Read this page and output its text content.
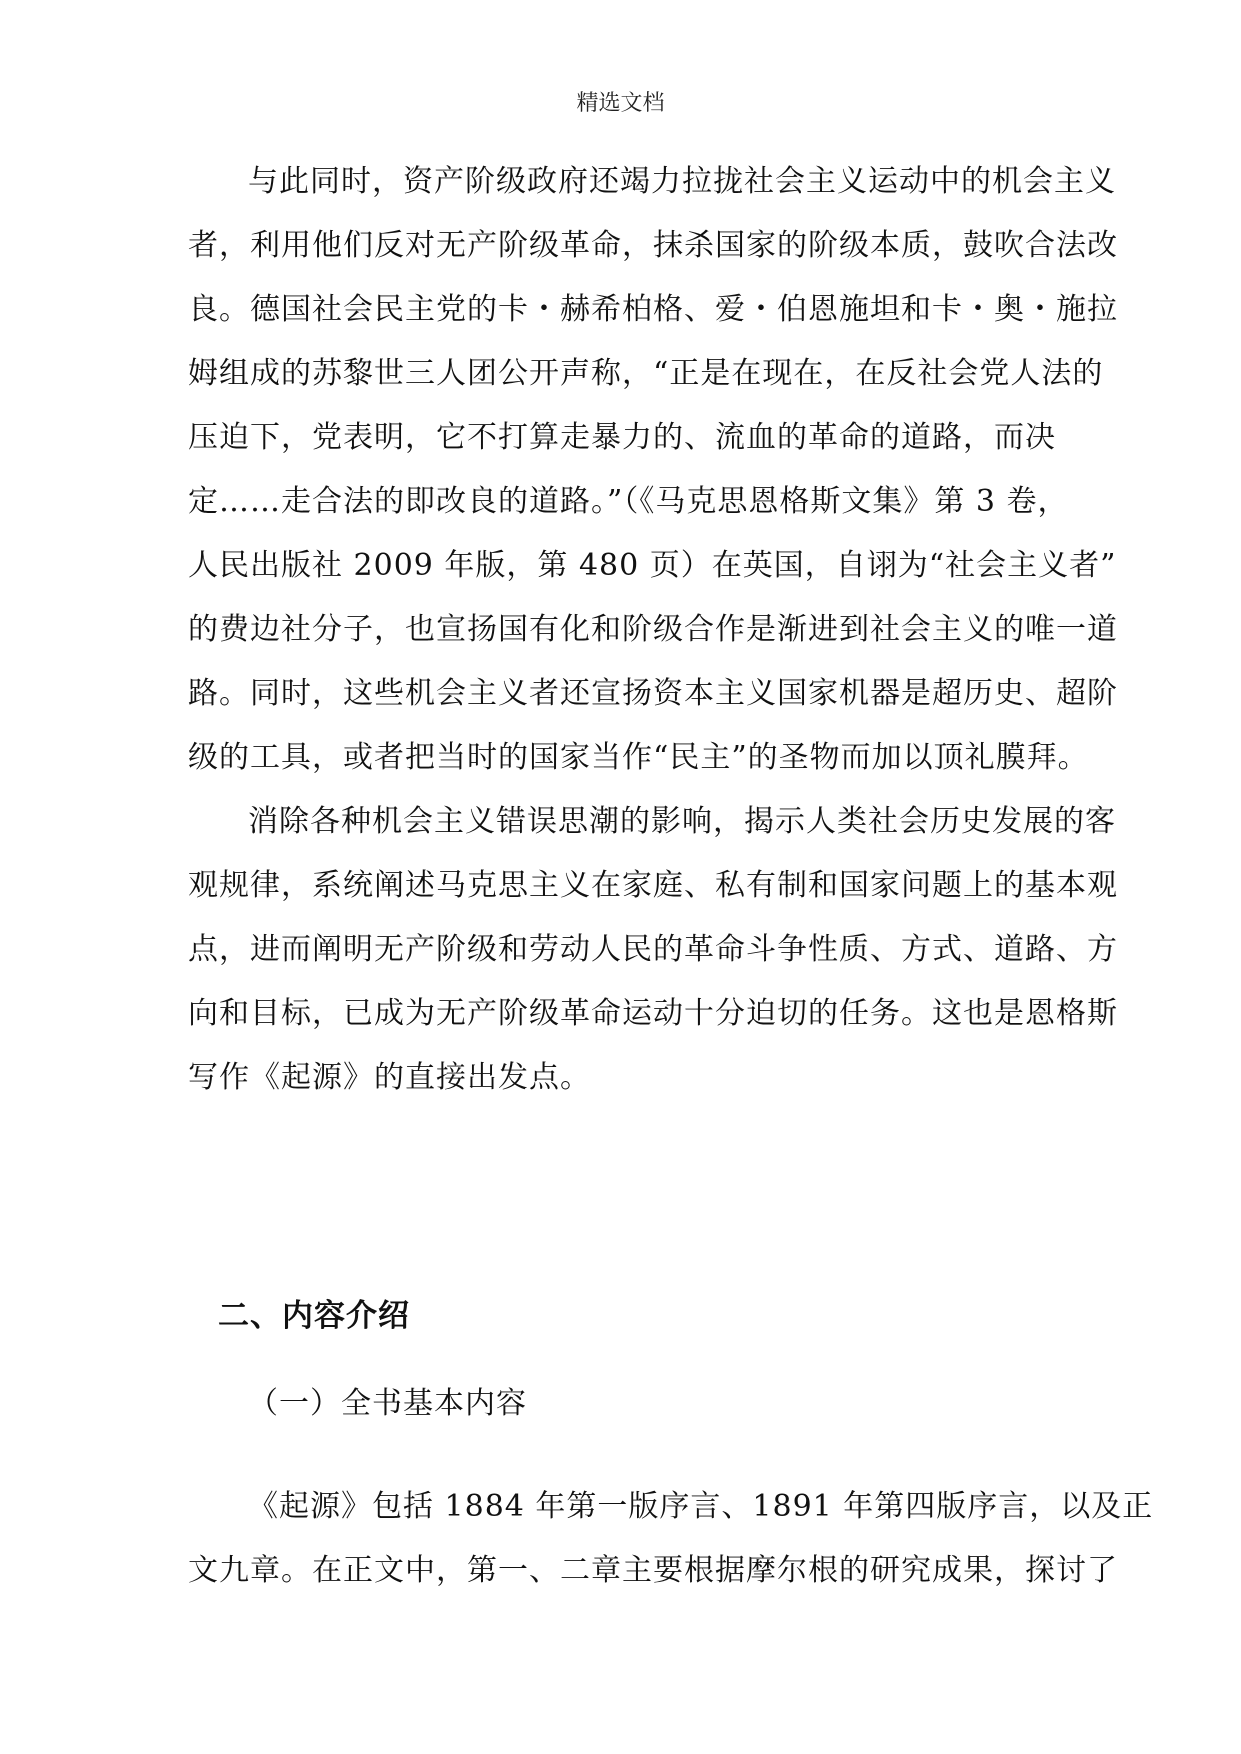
精选文档
与此同时，资产阶级政府还竭力拉拢社会主义运动中的机会主义
者，利用他们反对无产阶级革命，抹杀国家的阶级本质，鼓吹合法改
良。德国社会民主党的卡・赫希柏格、爱・伯恩施坦和卡・奥・施拉
姆组成的苏黎世三人团公开声称，“正是在现在，在反社会党人法的
压迫下，党表明，它不打算走暴力的、流血的革命的道路，而决
定……走合法的即改良的道路。”（《马克思恩格斯文集》第 3 卷，
人民出版社 2009 年版，第 480 页）在英国，自诩为“社会主义者”
的费边社分子，也宣扬国有化和阶级合作是渐进到社会主义的唯一道
路。同时，这些机会主义者还宣扬资本主义国家机器是超历史、超阶
级的工具，或者把当时的国家当作“民主”的圣物而加以顶礼膜拜。
消除各种机会主义错误思潮的影响，揭示人类社会历史发展的客
观规律，系统阐述马克思主义在家庭、私有制和国家问题上的基本观
点，进而阐明无产阶级和劳动人民的革命斗争性质、方式、道路、方
向和目标，已成为无产阶级革命运动十分迫切的任务。这也是恩格斯
写作《起源》的直接出发点。
二、内容介绍
（一）全书基本内容
《起源》包括 1884 年第一版序言、1891 年第四版序言，以及正
文九章。在正文中，第一、二章主要根据摩尔根的研究成果，探讨了
